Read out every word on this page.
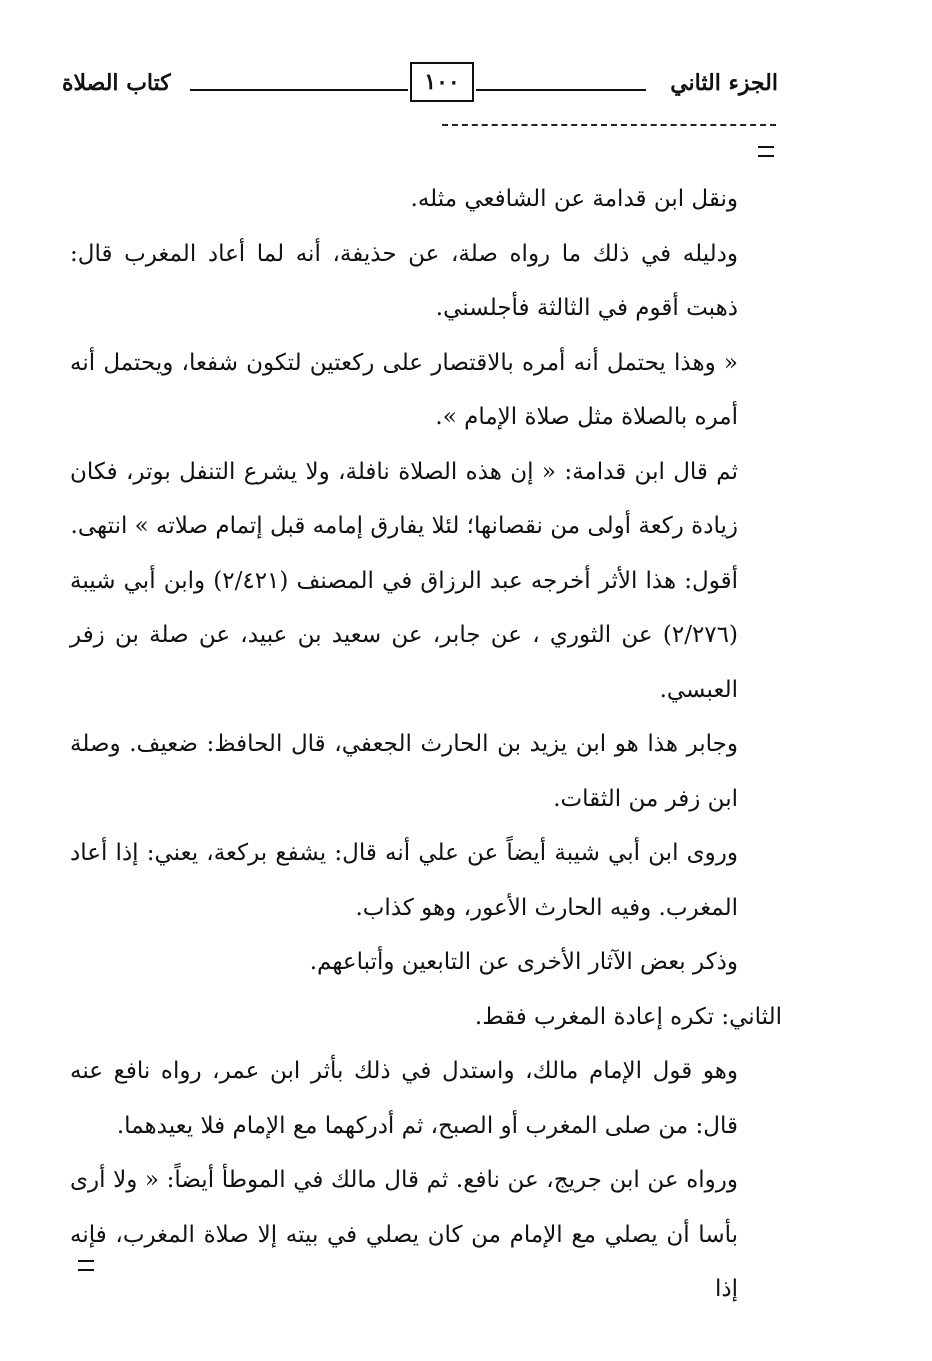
الجزء الثاني
١٠٠
كتاب الصلاة

ونقل ابن قدامة عن الشافعي مثله.

ودليله في ذلك ما رواه صلة، عن حذيفة، أنه لما أعاد المغرب قال: ذهبت أقوم في الثالثة فأجلسني.

« وهذا يحتمل أنه أمره بالاقتصار على ركعتين لتكون شفعا، ويحتمل أنه أمره بالصلاة مثل صلاة الإمام ».

ثم قال ابن قدامة: « إن هذه الصلاة نافلة، ولا يشرع التنفل بوتر، فكان زيادة ركعة أولى من نقصانها؛ لئلا يفارق إمامه قبل إتمام صلاته » انتهى.

أقول: هذا الأثر أخرجه عبد الرزاق في المصنف (٢/٤٢١) وابن أبي شيبة (٢/٢٧٦) عن الثوري ، عن جابر، عن سعيد بن عبيد، عن صلة بن زفر العبسي.

وجابر هذا هو ابن يزيد بن الحارث الجعفي، قال الحافظ: ضعيف. وصلة ابن زفر من الثقات.

وروى ابن أبي شيبة أيضاً عن علي أنه قال: يشفع بركعة، يعني: إذا أعاد المغرب. وفيه الحارث الأعور، وهو كذاب.

وذكر بعض الآثار الأخرى عن التابعين وأتباعهم.

الثاني: تكره إعادة المغرب فقط.

وهو قول الإمام مالك، واستدل في ذلك بأثر ابن عمر، رواه نافع عنه قال: من صلى المغرب أو الصبح، ثم أدركهما مع الإمام فلا يعيدهما.

ورواه عن ابن جريج، عن نافع. ثم قال مالك في الموطأ أيضاً: « ولا أرى بأسا أن يصلي مع الإمام من كان يصلي في بيته إلا صلاة المغرب، فإنه إذا
